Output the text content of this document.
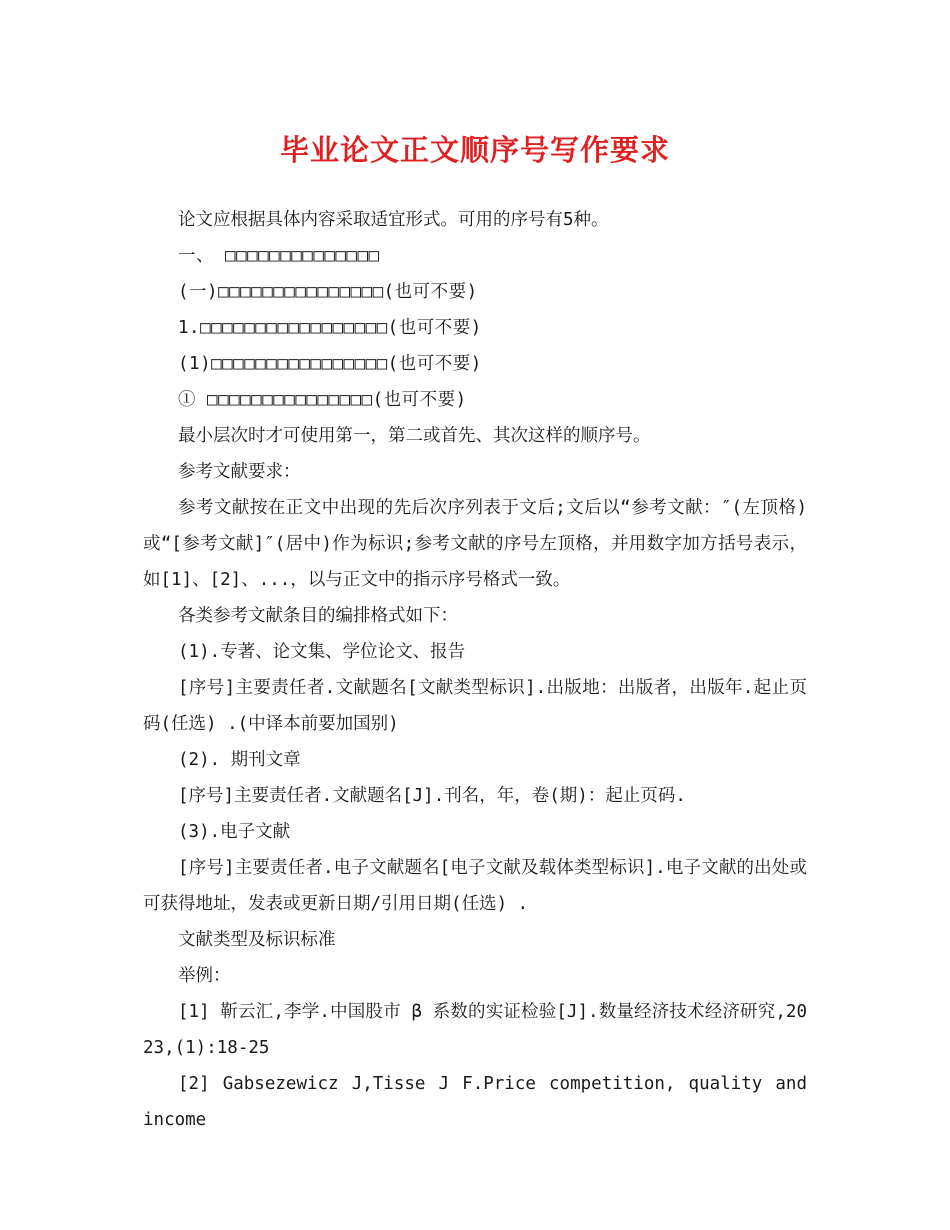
毕业论文正文顺序号写作要求

论文应根据具体内容采取适宜形式。可用的序号有5种。

一、 □□□□□□□□□□□□□□

(一)□□□□□□□□□□□□□□□(也可不要)

1.□□□□□□□□□□□□□□□□□(也可不要)

(1)□□□□□□□□□□□□□□□□(也可不要)

① □□□□□□□□□□□□□□□(也可不要)

最小层次时才可使用第一，第二或首先、其次这样的顺序号。

参考文献要求：

参考文献按在正文中出现的先后次序列表于文后;文后以“参考文献：″(左顶格)或“[参考文献]″(居中)作为标识;参考文献的序号左顶格，并用数字加方括号表示，如[1]、[2]、...，以与正文中的指示序号格式一致。

各类参考文献条目的编排格式如下：

(1).专著、论文集、学位论文、报告

[序号]主要责任者.文献题名[文献类型标识].出版地：出版者，出版年.起止页码(任选) .(中译本前要加国别)

(2). 期刊文章

[序号]主要责任者.文献题名[J].刊名，年，卷(期)：起止页码.

(3).电子文献

[序号]主要责任者.电子文献题名[电子文献及载体类型标识].电子文献的出处或可获得地址，发表或更新日期/引用日期(任选) .

文献类型及标识标准

举例：

[1] 靳云汇,李学.中国股市 β 系数的实证检验[J].数量经济技术经济研究,2023,(1):18-25

[2] Gabsezewicz J,Tisse J F.Price competition, quality and income
